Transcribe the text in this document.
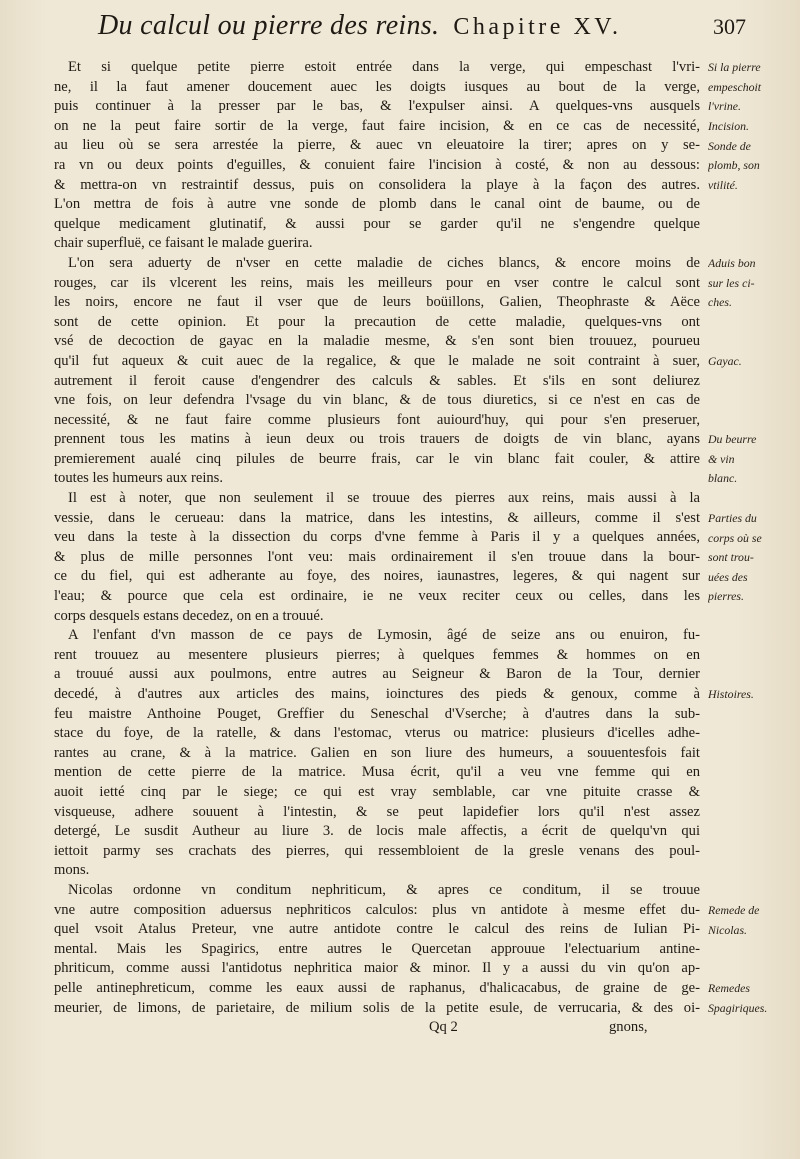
Du calcul ou pierre des reins. Chapitre XV.	307
Et si quelque petite pierre estoit entrée dans la verge, qui empeschast l'vri-
ne, il la faut amener doucement auec les doigts iusques au bout de la verge,
puis continuer à la presser par le bas, & l'expulser ainsi. A quelques-vns ausquels
on ne la peut faire sortir de la verge, faut faire incision, & en ce cas de necessité,
au lieu où se sera arrestée la pierre, & auec vn eleuatoire la tirer; apres on y se-
ra vn ou deux points d'eguilles, & conuient faire l'incision à costé, & non au dessous:
& mettra-on vn restraintif dessus, puis on consolidera la playe à la façon des autres.
L'on mettra de fois à autre vne sonde de plomb dans le canal oint de baume, ou de
quelque medicament glutinatif, & aussi pour se garder qu'il ne s'engendre quelque
chair superfluë, ce faisant le malade guerira.
L'on sera aduerty de n'vser en cette maladie de ciches blancs, & encore moins de
rouges, car ils vlcerent les reins, mais les meilleurs pour en vser contre le calcul sont
les noirs, encore ne faut il vser que de leurs boüillons, Galien, Theophraste & Aëce
sont de cette opinion. Et pour la precaution de cette maladie, quelques-vns ont
vsé de decoction de gayac en la maladie mesme, & s'en sont bien trouuez, pourueu
qu'il fut aqueux & cuit auec de la regalice, & que le malade ne soit contraint à suer,
autrement il feroit cause d'engendrer des calculs & sables. Et s'ils en sont deliurez
vne fois, on leur defendra l'vsage du vin blanc, & de tous diuretics, si ce n'est en cas de
necessité, & ne faut faire comme plusieurs font auiourd'huy, qui pour s'en preseruer,
prennent tous les matins à ieun deux ou trois trauers de doigts de vin blanc, ayans
premierement aualé cinq pilules de beurre frais, car le vin blanc fait couler, & attire
toutes les humeurs aux reins.
Il est à noter, que non seulement il se trouue des pierres aux reins, mais aussi à la
vessie, dans le cerueau: dans la matrice, dans les intestins, & ailleurs, comme il s'est
veu dans la teste à la dissection du corps d'vne femme à Paris il y a quelques années,
& plus de mille personnes l'ont veu: mais ordinairement il s'en trouue dans la bour-
ce du fiel, qui est adherante au foye, des noires, iaunastres, legeres, & qui nagent sur
l'eau; & pource que cela est ordinaire, ie ne veux reciter ceux ou celles, dans les
corps desquels estans decedez, on en a trouué.
A l'enfant d'vn masson de ce pays de Lymosin, âgé de seize ans ou enuiron, fu-
rent trouuez au mesentere plusieurs pierres; à quelques femmes & hommes on en
a trouué aussi aux poulmons, entre autres au Seigneur & Baron de la Tour, dernier
decedé, à d'autres aux articles des mains, ioinctures des pieds & genoux, comme à
feu maistre Anthoine Pouget, Greffier du Seneschal d'Vserche; à d'autres dans la sub-
stace du foye, de la ratelle, & dans l'estomac, vterus ou matrice: plusieurs d'icelles adhe-
rantes au crane, & à la matrice. Galien en son liure des humeurs, a souuentesfois fait
mention de cette pierre de la matrice. Musa écrit, qu'il a veu vne femme qui en
auoit ietté cinq par le siege; ce qui est vray semblable, car vne pituite crasse &
visqueuse, adhere souuent à l'intestin, & se peut lapidefier lors qu'il n'est assez
detergé, Le susdit Autheur au liure 3. de locis male affectis, a écrit de quelqu'vn qui
iettoit parmy ses crachats des pierres, qui ressembloient de la gresle venans des poul-
mons.
Nicolas ordonne vn conditum nephriticum, & apres ce conditum, il se trouue
vne autre composition aduersus nephriticos calculos: plus vn antidote à mesme effet du-
quel vsoit Atalus Preteur, vne autre antidote contre le calcul des reins de Iulian Pi-
mental. Mais les Spagirics, entre autres le Quercetan approuue l'electuarium antine-
phriticum, comme aussi l'antidotus nephritica maior & minor. Il y a aussi du vin qu'on ap-
pelle antinephreticum, comme les eaux aussi de raphanus, d'halicacabus, de graine de ge-
meurier, de limons, de parietaire, de milium solis de la petite esule, de verrucaria, & des oi-
Qq 2	gnons,
Si la pierre
empeschoit
l'vrine.
Incision.
Sonde de
plomb, son
vtilité.
Aduis bon
sur les ci-
ches.
Gayac.
Du beurre
& vin
blanc.
Parties du
corps où se
sont trou-
uées des
pierres.
Histoires.
Remede de
Nicolas.
Remedes
Spagiriques.
